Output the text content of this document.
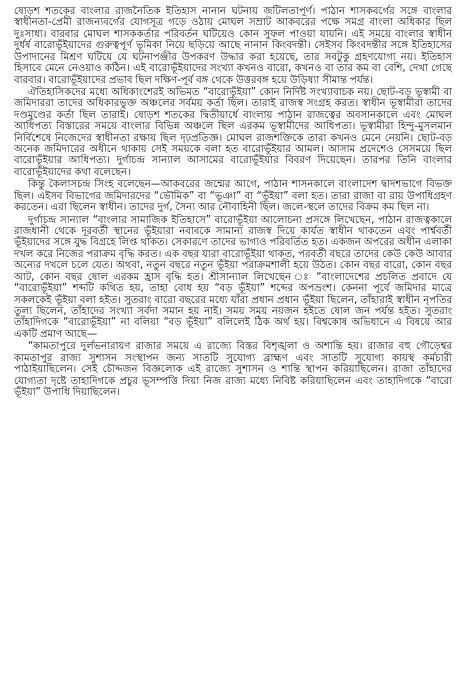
ষোড়শ শতকের বাংলার রাজনৈতিক ইতিহাস নানান ঘটনায় জটিলতাপূর্ণ। পাঠান শাসকবর্গের সঙ্গে বাংলার স্বাধীনতা-প্রেমী রাজন্যবর্গের যোগসূত্র গড়ে ওঠায় মোঘল সম্রাট আকবরের পক্ষে সমগ্র বাংলা অধিকার ছিল দুঃসাধ্য। বারবার মোঘল শাসককর্তার পরিবর্তন ঘটিয়েও কোন সুফল পাওয়া যায়নি। এই সময়ে বাংলার স্বাধীন দুর্ধর্ষ বারোভূঁইয়াদের গুরুত্বপূর্ণ ভূমিকা নিয়ে ছড়িয়ে আছে নানান কিংবদন্তী। সেইসব কিংবদন্তীর সঙ্গে ইতিহাসের উপাদানের মিশ্রণ ঘটিয়ে যে ঘটনাপঞ্জীর উপকরণ উদ্ধার করা হয়েছে, তার সবটুকু গ্রহণযোগ্য নয়। ইতিহাস হিসাবে মেনে নেওয়াও কঠিন। এই বারোভূঁইয়াদের সংখ্যা কখনও বারো, কখনও বা তার কম বা বেশি, দেখা গেছে বারবার। বারোভূঁইয়াদের প্রভাব ছিল দক্ষিণ-পূর্ব বঙ্গ থেকে উত্তরবঙ্গ হয়ে উড়িষ্যা সীমান্ত পর্যন্ত।

ঐতিহাসিকদের মধ্যে অধিকাংশেরই অভিমত “বারোভূঁইয়া” কোন নির্দিষ্ট সংখ্যাবাচক নয়। ছোট-বড় ভূস্বামী বা জমিদাররা তাদের অধিকারভুক্ত অঞ্চলের সর্বময় কর্তা ছিল। তারাই রাজস্ব সংগ্রহ করত। স্বাধীন ভূস্বামীরা তাদের দণ্ডমুণ্ডের কর্তা ছিল তারাই। ষোড়শ শতকের দ্বিতীয়ার্ধে বাংলায় পাঠান রাজত্বের অবসানকালে এবং মোঘল আধিপত্য বিস্তারের সময়ে বাংলার বিভিন্ন অঞ্চলে ছিল এরকম ভূস্বামীদের আধিপত্য। ভূস্বামীরা হিন্দু-মুসলমান নির্বিশেষে নিজেদের স্বাধীনতা রক্ষায় ছিল দৃঢ়প্রতিজ্ঞ। মোঘল রাজশক্তিকে তারা কখনও মেনে নেয়নি। ছোট-বড় অনেক জমিদারের অধীনে থাকায় সেই সময়কে বলা হত বারোভূঁইয়ার আমল। আসাম প্রদেশেও সেসময়ে ছিল বারোভূঁইয়ার আধিপত্য। দুর্গাচন্দ্র সান্যাল আসামের বারোভূঁইয়ার বিবরণ দিয়েছেন। তারপর তিনি বাংলার বারোভূঁইয়াদের কথা বলেছেন।

কিন্তু কৈলাসচন্দ্র সিংহ বলেছেন—আকবরের জন্মের আগে, পাঠান শাসনকালে বাংলাদেশ দ্বাদশভাগে বিভক্ত ছিল। এইসব বিভাগের জমিদারদের “ভৌমিক” বা “ভূঞা” বা “ভূঁইয়া” বলা হত। তারা রাজা বা রায় উপাধিগ্রহণ করতেন। এরা ছিলেন স্বাধীন। তাদের দুর্গ, সৈন্য আর নৌবাহিনী ছিল। জলে-স্থলে তাদের বিক্রম কম ছিল না।

দুর্গাচন্দ্র সান্যাল “বাংলার সামাজিক ইতিহাসে” বারোভূঁইয়া আলোচনা প্রসঙ্গে লিখেছেন, পাঠান রাজত্বকালে রাজধানী থেকে দূরবর্তী স্থানের ভূঁইয়ারা নবাবকে সামান্য রাজস্ব দিয়ে কার্যত স্বাধীন থাকতেন এবং পার্শ্ববর্তী ভূঁইয়াদের সঙ্গে যুদ্ধ বিগ্রহে লিপ্ত থাকত। সেকারণে তাদের ভাগ্যও পরিবর্তিত হত। একজন অপরের অধীন এলাকা দখল করে নিজের পরাক্রম বৃদ্ধি করত। এক বছর যারা বারোভূঁইয়া থাকত, পরবর্তী বছরে তাদের কেউ কেউ আবার অন্যের দখলে চলে যেত। অথবা, নতুন বছরে নতুন ভূঁইয়া পরাক্রমশালী হয়ে উঠত। কোন বছর বারো, কোন বছর আট, কোন বছর ষোল এরকম হ্রাস বৃদ্ধি হত। শ্রীসান্যাল লিখেছেন ঃ “বাংলাদেশের প্রচলিত প্রবাদে যে “বারোভূঁইয়া” শব্দটি কথিত হয়, তাহা বোধ হয় “বড় ভূঁইয়া” শব্দের অপভ্রংশ। কেননা পূর্বে জমিদার মাত্রে সকলকেই ভূঁইয়া বলা হইত। সুতরাং বারো বছরের মধ্যে যাঁরা প্রধান প্রধান ভূঁইয়া ছিলেন, তাঁহারাই স্বাধীন নৃপতির তুল্য ছিলেন, তাঁহাদের সংখ্যা সর্বদা সমান হয় নাই। সময় সময় নয়জন হইতে ষোল জন পর্যন্ত হইত। সুতরাং তাঁহাদিগকে “বারোভূঁইয়া” না বলিয়া “বড় ভূঁইয়া” বলিলেই ঠিক অর্থ হয়। বিশ্বকোষ অভিধানে এ বিষয়ে আর একটি প্রমাণ আছে—

“কামতাপুরে দুর্লভনারায়ণ রাজার সময়ে এ রাজ্যে বিস্তর বিশৃঙ্খলা ও অশান্তি হয়। রাজার বহু গৌড়েশ্বর কামতাপুর রাজ্য সুশাসন সংস্থাপন জন্য সাতটি সুযোগ্য ব্রাহ্মণ এবং সাতটি সুযোগ্য কায়স্থ কর্মচারী পাঠাইয়াছিলেন। সেই চৌদ্দজন বিজ্ঞলোক এই রাজ্যে সুশাসন ও শান্তি স্থাপন করিয়াছিলেন। রাজা তাঁহাদের যোগ্যতা দৃষ্টে তাহাদিগকে প্রচুর ভূসম্পত্তি দিয়া নিজ রাজ্য মধ্যে নিবিষ্ট করিয়াছিলেন এবং তাহাদিগকে “বারো ভূঁইয়া” উপাধি দিয়াছিলেন।
